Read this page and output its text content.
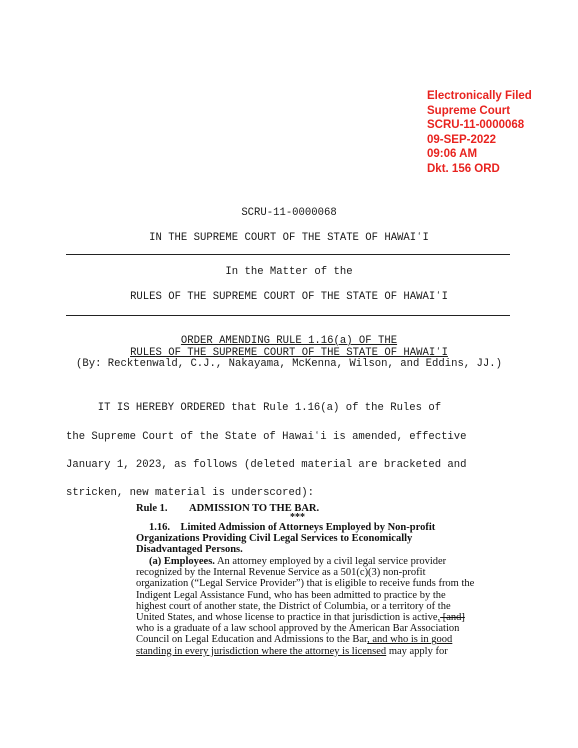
Electronically Filed
Supreme Court
SCRU-11-0000068
09-SEP-2022
09:06 AM
Dkt. 156 ORD
SCRU-11-0000068
IN THE SUPREME COURT OF THE STATE OF HAWAIʻI
In the Matter of the
RULES OF THE SUPREME COURT OF THE STATE OF HAWAIʻI
ORDER AMENDING RULE 1.16(a) OF THE
RULES OF THE SUPREME COURT OF THE STATE OF HAWAIʻI
(By: Recktenwald, C.J., Nakayama, McKenna, Wilson, and Eddins, JJ.)
IT IS HEREBY ORDERED that Rule 1.16(a) of the Rules of
the Supreme Court of the State of Hawaiʻi is amended, effective
January 1, 2023, as follows (deleted material are bracketed and
stricken, new material is underscored):
Rule 1. ADMISSION TO THE BAR.
***
1.16. Limited Admission of Attorneys Employed by Non-profit
Organizations Providing Civil Legal Services to Economically
Disadvantaged Persons.
(a) Employees. An attorney employed by a civil legal service provider
recognized by the Internal Revenue Service as a 501(c)(3) non-profit
organization (“Legal Service Provider”) that is eligible to receive funds from the
Indigent Legal Assistance Fund, who has been admitted to practice by the
highest court of another state, the District of Columbia, or a territory of the
United States, and whose license to practice in that jurisdiction is active, [and]
who is a graduate of a law school approved by the American Bar Association
Council on Legal Education and Admissions to the Bar, and who is in good
standing in every jurisdiction where the attorney is licensed may apply for
